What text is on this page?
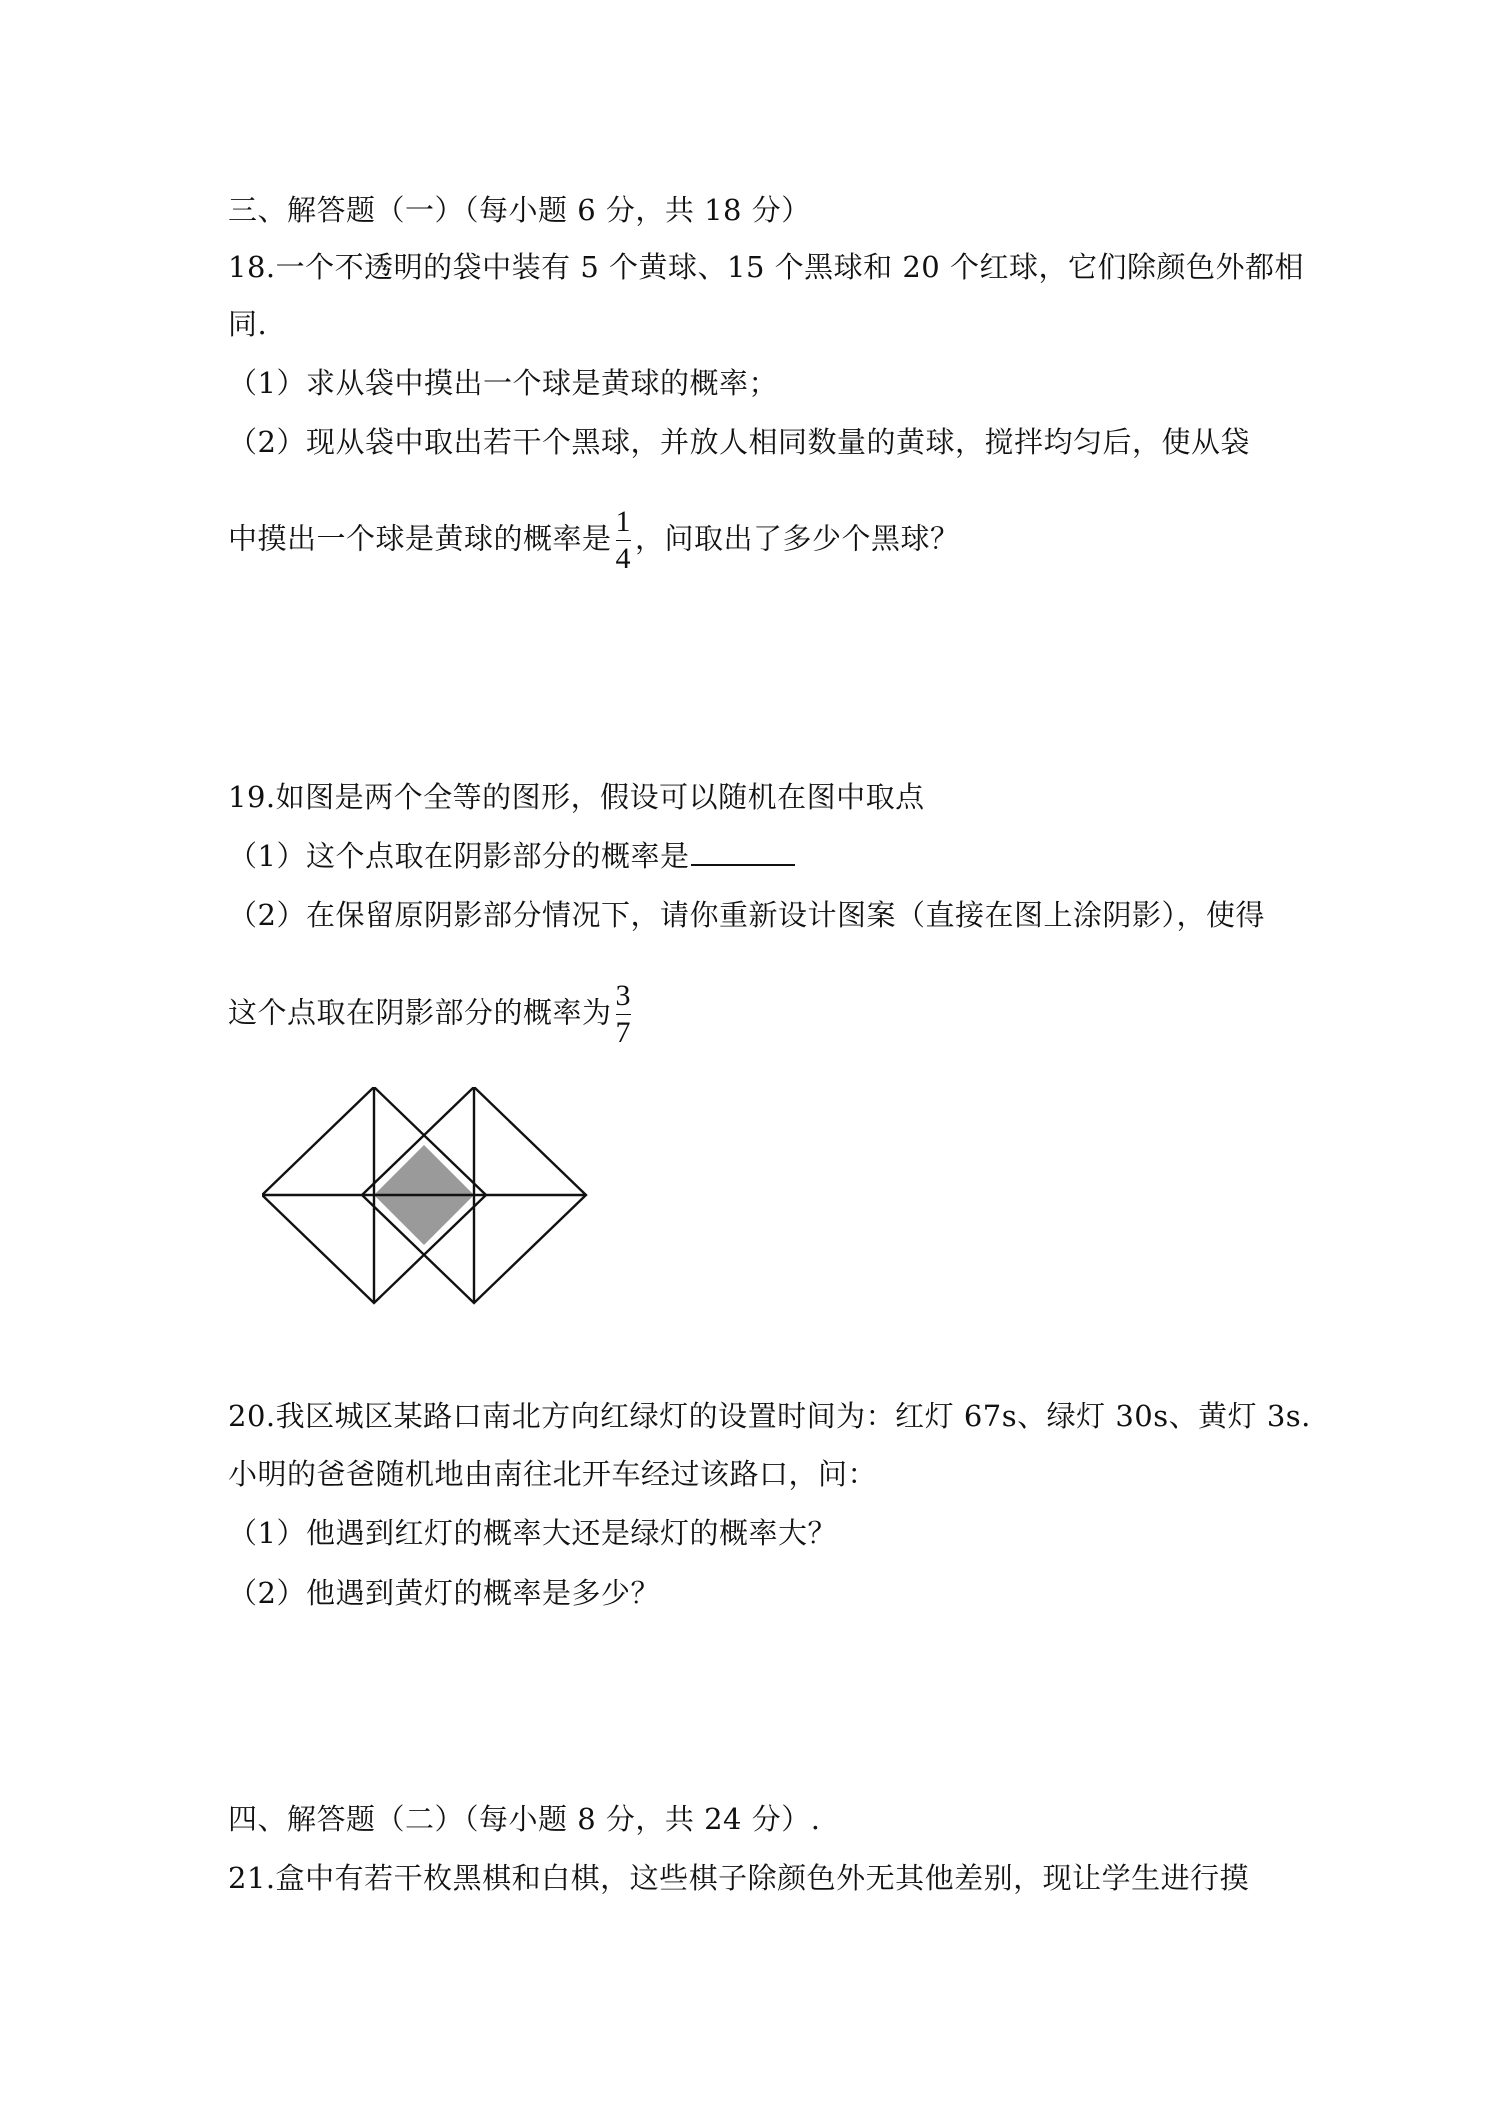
三、解答题（一）（每小题 6 分，共 18 分）
18.一个不透明的袋中装有 5 个黄球、15 个黑球和 20 个红球，它们除颜色外都相
同.
（1）求从袋中摸出一个球是黄球的概率；
（2）现从袋中取出若干个黑球，并放人相同数量的黄球，搅拌均匀后，使从袋
中摸出一个球是黄球的概率是 $\frac{1}{4}$ ，问取出了多少个黑球？
19.如图是两个全等的图形，假设可以随机在图中取点
（1）这个点取在阴影部分的概率是
（2）在保留原阴影部分情况下，请你重新设计图案（直接在图上涂阴影），使得
这个点取在阴影部分的概率为 $\frac{3}{7}$
20.我区城区某路口南北方向红绿灯的设置时间为：红灯 67s、绿灯 30s、黄灯 3s.
小明的爸爸随机地由南往北开车经过该路口，问：
（1）他遇到红灯的概率大还是绿灯的概率大？
（2）他遇到黄灯的概率是多少？
四、解答题（二）（每小题 8 分，共 24 分）.
21.盒中有若干枚黑棋和白棋，这些棋子除颜色外无其他差别，现让学生进行摸
